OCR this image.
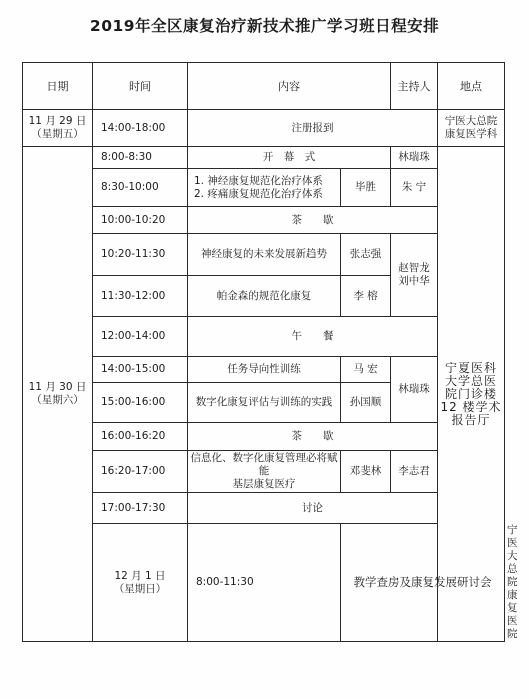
2019年全区康复治疗新技术推广学习班日程安排
日期	时间	内容		主持人	地点	

11 月 29 日
（星期五）	14:00-18:00	注册报到			宁医大总院
康复医学科	

11 月 30 日
（星期六）	8:00-8:30	开　幕　式		林瑞珠	宁夏医科
大学总医
院门诊楼
12 楼学术
报告厅	

	8:30-10:00	1. 神经康复规范化治疗体系
2. 疼痛康复规范化治疗体系	毕胜	朱 宁		
	10:00-10:20	茶　　歇				
	10:20-11:30	神经康复的未来发展新趋势	张志强	赵智龙
刘中华		

	11:30-12:00	帕金森的规范化康复	李 榕			
	12:00-14:00	午　　餐				
	14:00-15:00	任务导向性训练	马 宏	林瑞珠		
	15:00-16:00	数字化康复评估与训练的实践	孙国顺			
	16:00-16:20	茶　　歇				
	16:20-17:00	信息化、数字化康复管理必将赋能
基层康复医疗	邓斐林	李志君		
	17:00-17:30	讨论				

	12 月 1 日
（星期日）	8:00-11:30	教学查房及康复发展研讨会			宁医大总院
康复医院
